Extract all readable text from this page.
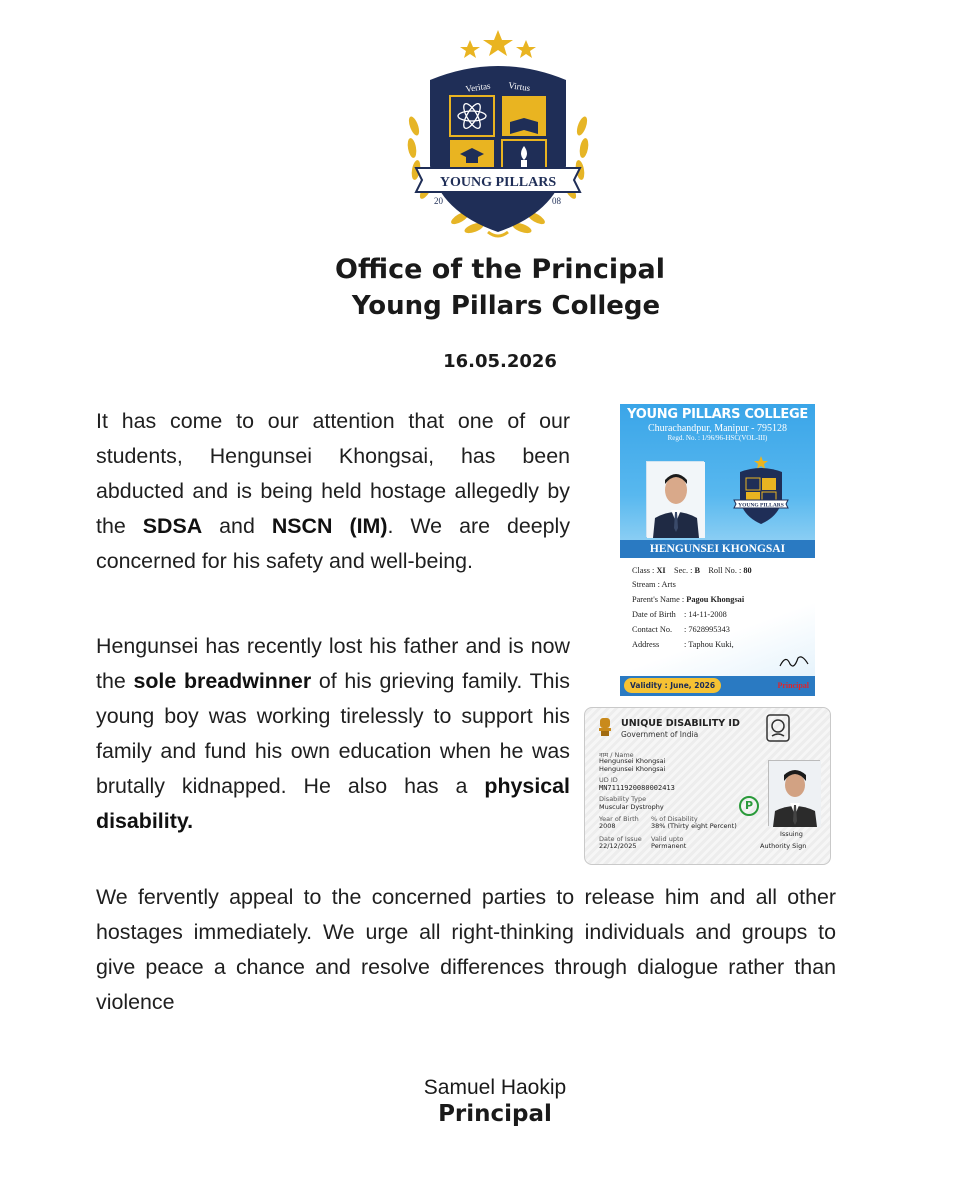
Veritas Virtus
YOUNG PILLARS
20	08
Office of the Principal
Young Pillars College
16.05.2026

It has come to our attention that one of our students, Hengunsei Khongsai, has been abducted and is being held hostage allegedly by the SDSA and NSCN (IM). We are deeply concerned for his safety and well-being.

Hengunsei has recently lost his father and is now the sole breadwinner of his grieving family. This young boy was working tirelessly to support his family and fund his own education when he was brutally kidnapped. He also has a physical disability.

We fervently appeal to the concerned parties to release him and all other hostages immediately. We urge all right-thinking individuals and groups to give peace a chance and resolve differences through dialogue rather than violence

YOUNG PILLARS COLLEGE
Churachandpur, Manipur - 795128
Regd. No. : 1/96/96-HSC(VOL-III)
YOUNG PILLARS
HENGUNSEI KHONGSAI
Class : XI Sec. : B Roll No. : 80
Stream : Arts
Parent's Name : Pagou Khongsai
Date of Birth : 14-11-2008
Contact No. : 7628995343
Address	: Taphou Kuki,
Validity : June, 2026	Principal
UNIQUE DISABILITY ID
Government of India
नाम / Name
Hengunsei Khongsai
Hengunsei Khongsai
UD ID
MN7111920080002413
Disability Type
Muscular Dystrophy
Year of Birth
2008
% of Disability
38% (Thirty eight Percent)
Date of Issue
22/12/2025
Valid upto
Permanent
P
Issuing
Authority Sign
Samuel Haokip
Principal
